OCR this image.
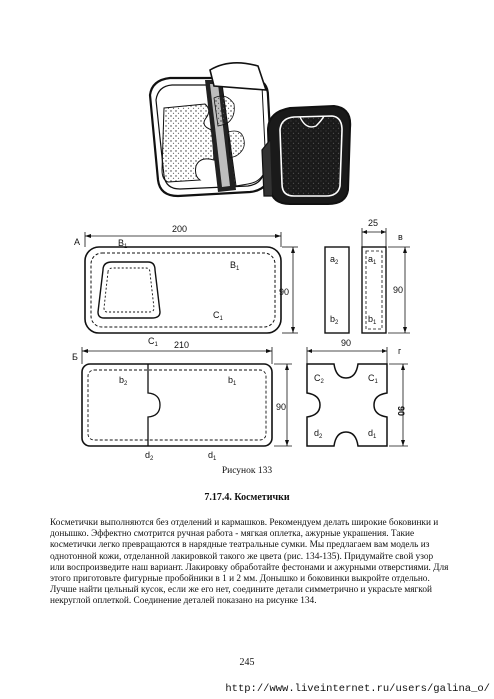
200
90
25
90
210
90
90
90
А
Б
в
г
$В_1$
$В_1$
$С_1$
$С_1$
$а_2$
$b_2$
$а_1$
$b_1$
$b_2$	$b_1$
$d_2$	$d_1$
$С_2$	$С_1$
$d_2$	$d_1$
Рисунок 133
7.17.4. Косметички

Косметички выполняются без отделений и кармашков. Рекомендуем делать широкие боковинки и донышко. Эффектно смотрится ручная работа - мягкая оплетка, ажурные украшения. Такие косметички легко превращаются в нарядные театральные сумки. Мы предлагаем вам модель из однотонной кожи, отделанной лакировкой такого же цвета (рис. 134-135). Придумайте свой узор или воспроизведите наш вариант. Лакировку обработайте фестонами и ажурными отверстиями. Для этого приготовьте фигурные пробойники в 1 и 2 мм. Донышко и боковинки выкройте отдельно. Лучше найти цельный кусок, если же его нет, соедините детали симметрично и украсьте мягкой некруглой оплеткой. Соединение деталей показано на рисунке 134.

245
http://www.liveinternet.ru/users/galina_o/
